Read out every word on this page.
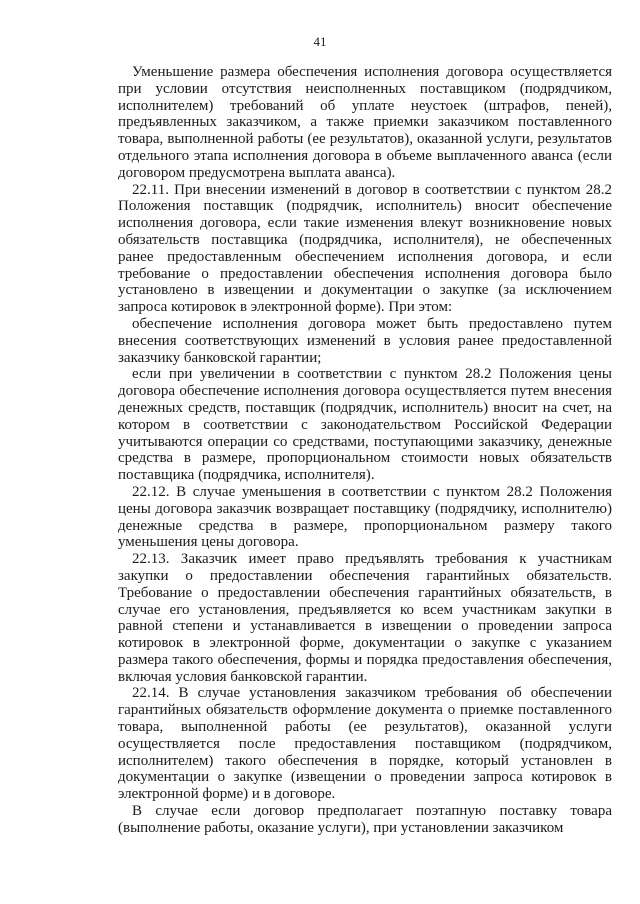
41

Уменьшение размера обеспечения исполнения договора осуществляется при условии отсутствия неисполненных поставщиком (подрядчиком, исполнителем) требований об уплате неустоек (штрафов, пеней), предъявленных заказчиком, а также приемки заказчиком поставленного товара, выполненной работы (ее результатов), оказанной услуги, результатов отдельного этапа исполнения договора в объеме выплаченного аванса (если договором предусмотрена выплата аванса).

22.11. При внесении изменений в договор в соответствии с пунктом 28.2 Положения поставщик (подрядчик, исполнитель) вносит обеспечение исполнения договора, если такие изменения влекут возникновение новых обязательств поставщика (подрядчика, исполнителя), не обеспеченных ранее предоставленным обеспечением исполнения договора, и если требование о предоставлении обеспечения исполнения договора было установлено в извещении и документации о закупке (за исключением запроса котировок в электронной форме). При этом:

обеспечение исполнения договора может быть предоставлено путем внесения соответствующих изменений в условия ранее предоставленной заказчику банковской гарантии;

если при увеличении в соответствии с пунктом 28.2 Положения цены договора обеспечение исполнения договора осуществляется путем внесения денежных средств, поставщик (подрядчик, исполнитель) вносит на счет, на котором в соответствии с законодательством Российской Федерации учитываются операции со средствами, поступающими заказчику, денежные средства в размере, пропорциональном стоимости новых обязательств поставщика (подрядчика, исполнителя).

22.12. В случае уменьшения в соответствии с пунктом 28.2 Положения цены договора заказчик возвращает поставщику (подрядчику, исполнителю) денежные средства в размере, пропорциональном размеру такого уменьшения цены договора.

22.13. Заказчик имеет право предъявлять требования к участникам закупки о предоставлении обеспечения гарантийных обязательств. Требование о предоставлении обеспечения гарантийных обязательств, в случае его установления, предъявляется ко всем участникам закупки в равной степени и устанавливается в извещении о проведении запроса котировок в электронной форме, документации о закупке с указанием размера такого обеспечения, формы и порядка предоставления обеспечения, включая условия банковской гарантии.

22.14. В случае установления заказчиком требования об обеспечении гарантийных обязательств оформление документа о приемке поставленного товара, выполненной работы (ее результатов), оказанной услуги осуществляется после предоставления поставщиком (подрядчиком, исполнителем) такого обеспечения в порядке, который установлен в документации о закупке (извещении о проведении запроса котировок в электронной форме) и в договоре.

В случае если договор предполагает поэтапную поставку товара (выполнение работы, оказание услуги), при установлении заказчиком
